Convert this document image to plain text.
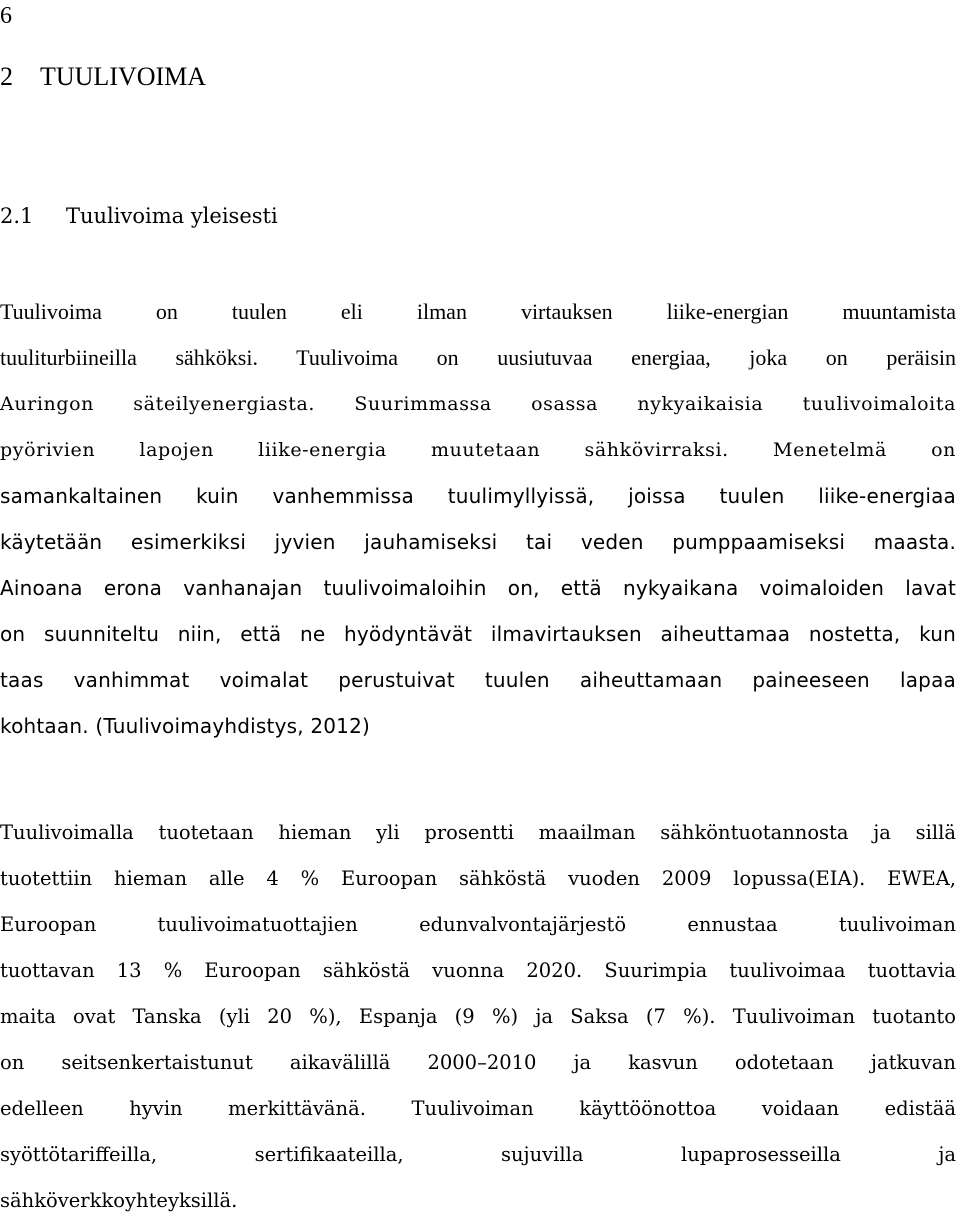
6
2 TUULIVOIMA
2.1 Tuulivoima yleisesti
Tuulivoima on tuulen eli ilman virtauksen liike-energian muuntamista
tuuliturbiineilla sähköksi. Tuulivoima on uusiutuvaa energiaa, joka on peräisin
Auringon säteilyenergiasta. Suurimmassa osassa nykyaikaisia tuulivoimaloita
pyörivien lapojen liike-energia muutetaan sähkövirraksi. Menetelmä on
samankaltainen kuin vanhemmissa tuulimyllyissä, joissa tuulen liike-energiaa
käytetään esimerkiksi jyvien jauhamiseksi tai veden pumppaamiseksi maasta.
Ainoana erona vanhanajan tuulivoimaloihin on, että nykyaikana voimaloiden lavat
on suunniteltu niin, että ne hyödyntävät ilmavirtauksen aiheuttamaa nostetta, kun
taas vanhimmat voimalat perustuivat tuulen aiheuttamaan paineeseen lapaa
kohtaan. (Tuulivoimayhdistys, 2012)
Tuulivoimalla tuotetaan hieman yli prosentti maailman sähköntuotannosta ja sillä
tuotettiin hieman alle 4 % Euroopan sähköstä vuoden 2009 lopussa(EIA). EWEA,
Euroopan tuulivoimatuottajien edunvalvontajärjestö ennustaa tuulivoiman
tuottavan 13 % Euroopan sähköstä vuonna 2020. Suurimpia tuulivoimaa tuottavia
maita ovat Tanska (yli 20 %), Espanja (9 %) ja Saksa (7 %). Tuulivoiman tuotanto
on seitsenkertaistunut aikavälillä 2000–2010 ja kasvun odotetaan jatkuvan
edelleen hyvin merkittävänä. Tuulivoiman käyttöönottoa voidaan edistää
syöttötariffeilla, sertifikaateilla, sujuvilla lupaprosesseilla ja
sähköverkkoyhteyksillä.
